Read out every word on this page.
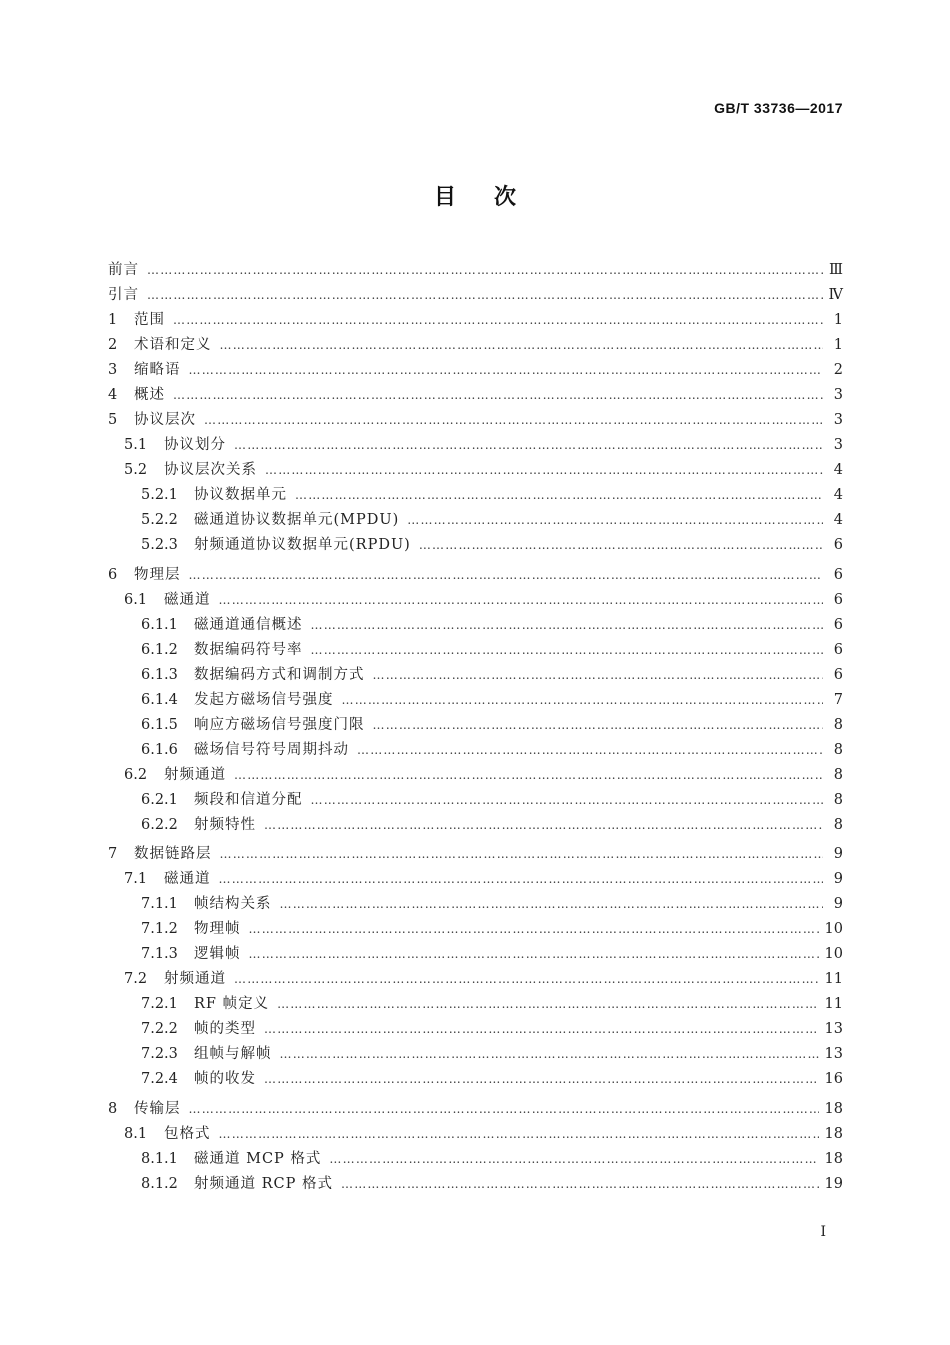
GB/T 33736—2017
目次
前言 ……………………………………………………………………………………………………………………………………………………………………………………………………………………………………………………	Ⅲ
引言 ……………………………………………………………………………………………………………………………………………………………………………………………………………………………………………………	Ⅳ
1	范围 ……………………………………………………………………………………………………………………………………………………………………………………………………………………………………………………	1
2	术语和定义 ……………………………………………………………………………………………………………………………………………………………………………………………………………………………………………………	1
3	缩略语 ……………………………………………………………………………………………………………………………………………………………………………………………………………………………………………………	2
4	概述 ……………………………………………………………………………………………………………………………………………………………………………………………………………………………………………………	3
5	协议层次 ……………………………………………………………………………………………………………………………………………………………………………………………………………………………………………………	3
5.1	协议划分 ……………………………………………………………………………………………………………………………………………………………………………………………………………………………………………………	3
5.2	协议层次关系 ……………………………………………………………………………………………………………………………………………………………………………………………………………………………………………………	4
5.2.1	协议数据单元 ……………………………………………………………………………………………………………………………………………………………………………………………………………………………………………………	4
5.2.2	磁通道协议数据单元(MPDU) ……………………………………………………………………………………………………………………………………………………………………………………………………………………………………………………	4
5.2.3	射频通道协议数据单元(RPDU) ……………………………………………………………………………………………………………………………………………………………………………………………………………………………………………………	6
6	物理层 ……………………………………………………………………………………………………………………………………………………………………………………………………………………………………………………	6
6.1	磁通道 ……………………………………………………………………………………………………………………………………………………………………………………………………………………………………………………	6
6.1.1	磁通道通信概述 ……………………………………………………………………………………………………………………………………………………………………………………………………………………………………………………	6
6.1.2	数据编码符号率 ……………………………………………………………………………………………………………………………………………………………………………………………………………………………………………………	6
6.1.3	数据编码方式和调制方式 ……………………………………………………………………………………………………………………………………………………………………………………………………………………………………………………	6
6.1.4	发起方磁场信号强度 ……………………………………………………………………………………………………………………………………………………………………………………………………………………………………………………	7
6.1.5	响应方磁场信号强度门限 ……………………………………………………………………………………………………………………………………………………………………………………………………………………………………………………	8
6.1.6	磁场信号符号周期抖动 ……………………………………………………………………………………………………………………………………………………………………………………………………………………………………………………	8
6.2	射频通道 ……………………………………………………………………………………………………………………………………………………………………………………………………………………………………………………	8
6.2.1	频段和信道分配 ……………………………………………………………………………………………………………………………………………………………………………………………………………………………………………………	8
6.2.2	射频特性 ……………………………………………………………………………………………………………………………………………………………………………………………………………………………………………………	8
7	数据链路层 ……………………………………………………………………………………………………………………………………………………………………………………………………………………………………………………	9
7.1	磁通道 ……………………………………………………………………………………………………………………………………………………………………………………………………………………………………………………	9
7.1.1	帧结构关系 ……………………………………………………………………………………………………………………………………………………………………………………………………………………………………………………	9
7.1.2	物理帧 ……………………………………………………………………………………………………………………………………………………………………………………………………………………………………………………	10
7.1.3	逻辑帧 ……………………………………………………………………………………………………………………………………………………………………………………………………………………………………………………	10
7.2	射频通道 ……………………………………………………………………………………………………………………………………………………………………………………………………………………………………………………	11
7.2.1	RF 帧定义 ……………………………………………………………………………………………………………………………………………………………………………………………………………………………………………………	11
7.2.2	帧的类型 ……………………………………………………………………………………………………………………………………………………………………………………………………………………………………………………	13
7.2.3	组帧与解帧 ……………………………………………………………………………………………………………………………………………………………………………………………………………………………………………………	13
7.2.4	帧的收发 ……………………………………………………………………………………………………………………………………………………………………………………………………………………………………………………	16
8	传输层 ……………………………………………………………………………………………………………………………………………………………………………………………………………………………………………………	18
8.1	包格式 ……………………………………………………………………………………………………………………………………………………………………………………………………………………………………………………	18
8.1.1	磁通道 MCP 格式 ……………………………………………………………………………………………………………………………………………………………………………………………………………………………………………………	18
8.1.2	射频通道 RCP 格式 ……………………………………………………………………………………………………………………………………………………………………………………………………………………………………………………	19
I
